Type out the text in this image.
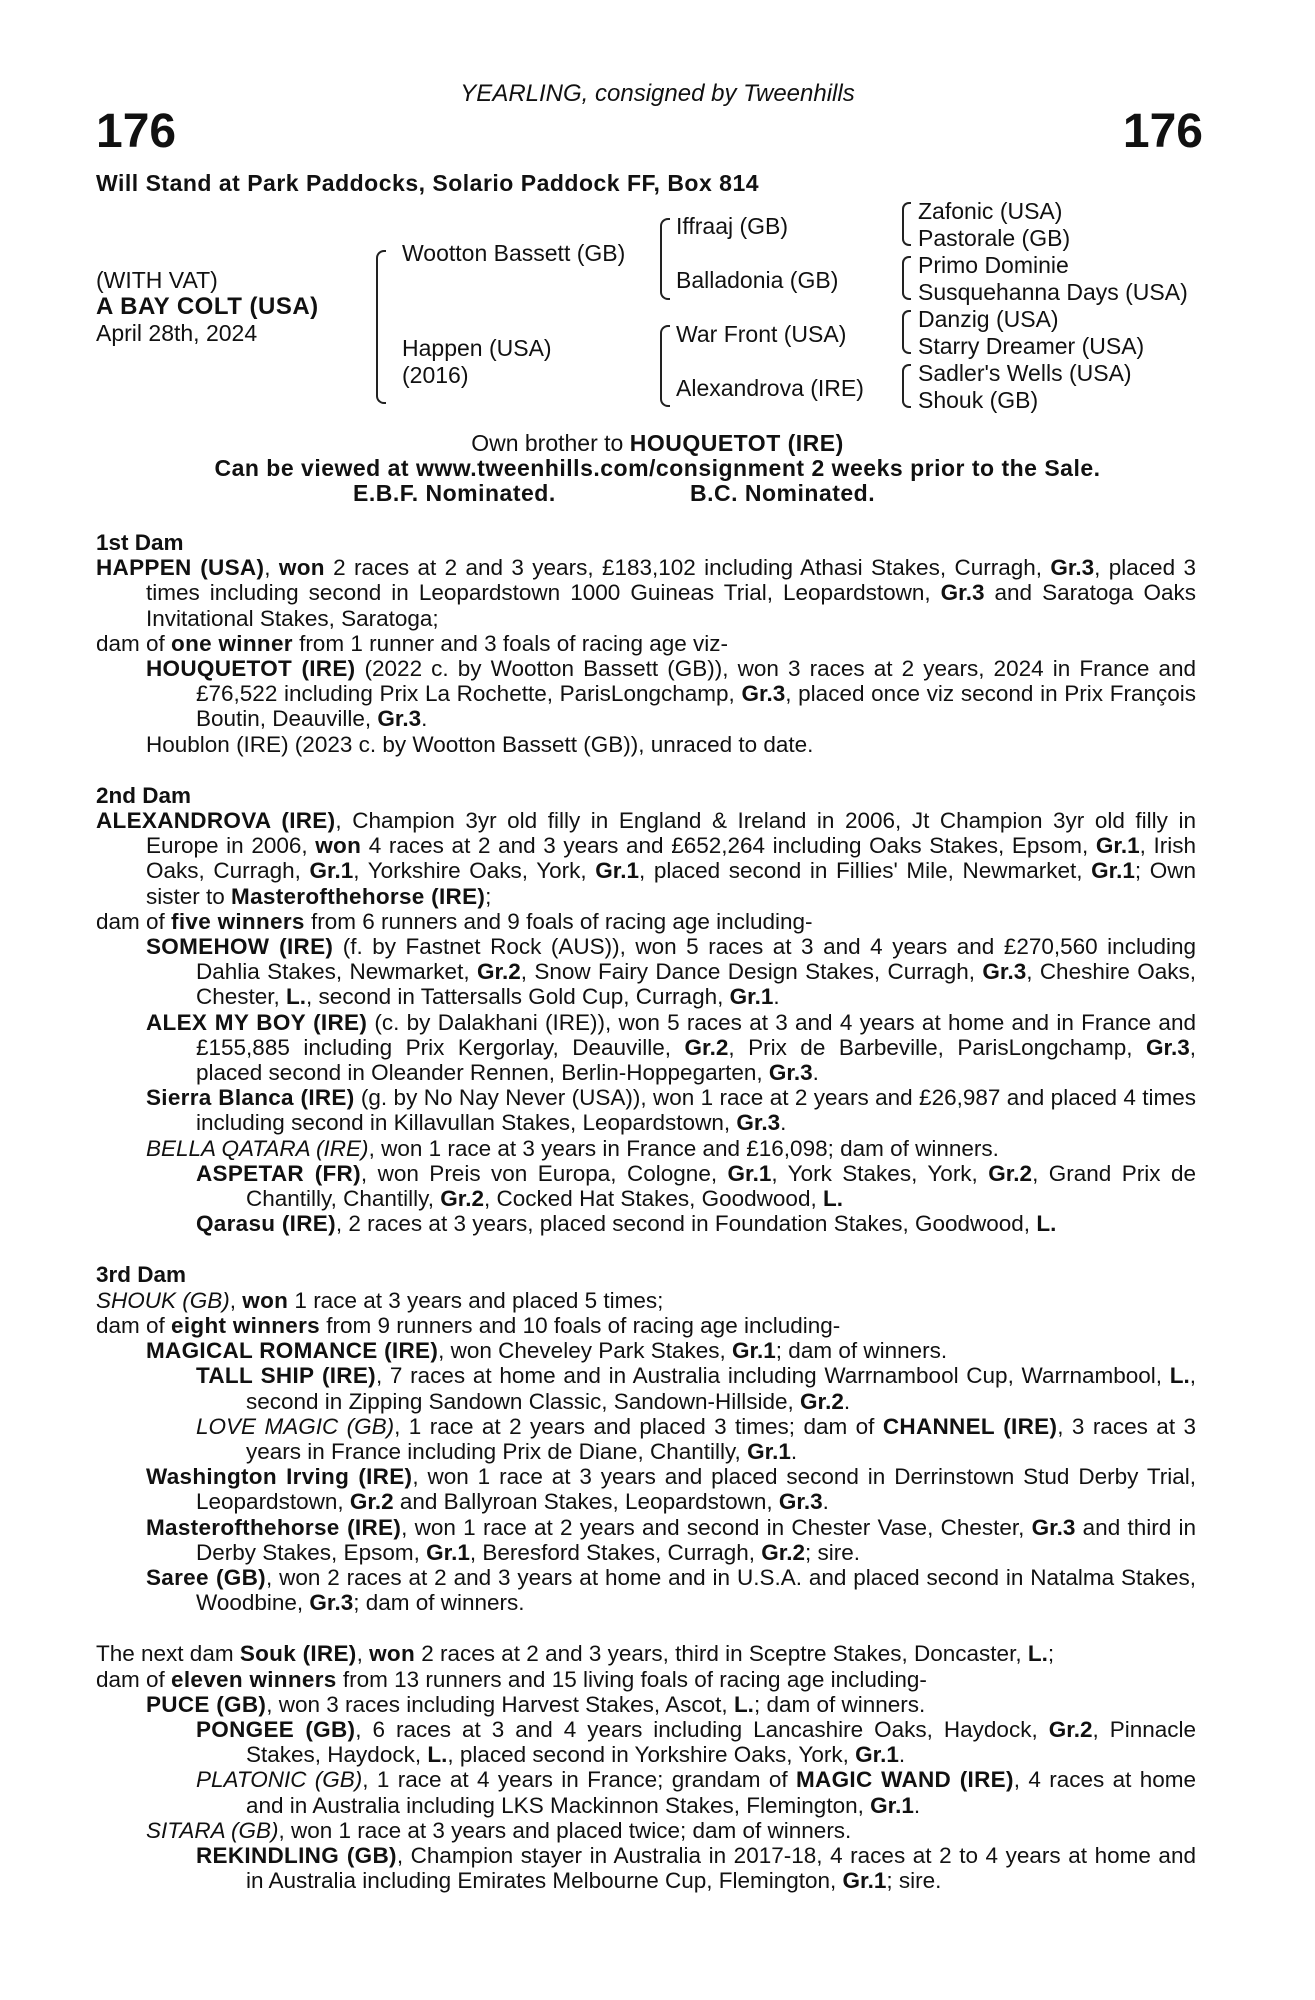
YEARLING, consigned by Tweenhills
176	176
Will Stand at Park Paddocks, Solario Paddock FF, Box 814
(WITH VAT)
A BAY COLT (USA)
April 28th, 2024
Wootton Bassett (GB)
Happen (USA)
(2016)
Iffraaj (GB)
Balladonia (GB)
War Front (USA)
Alexandrova (IRE)
Zafonic (USA)
Pastorale (GB)
Primo Dominie
Susquehanna Days (USA)
Danzig (USA)
Starry Dreamer (USA)
Sadler's Wells (USA)
Shouk (GB)
Own brother to HOUQUETOT (IRE)
Can be viewed at www.tweenhills.com/consignment 2 weeks prior to the Sale.
E.B.F. Nominated.	B.C. Nominated.

1st Dam

HAPPEN (USA), won 2 races at 2 and 3 years, £183,102 including Athasi Stakes, Curragh, Gr.3, placed 3 times including second in Leopardstown 1000 Guineas Trial, Leopardstown, Gr.3 and Saratoga Oaks Invitational Stakes, Saratoga;

dam of one winner from 1 runner and 3 foals of racing age viz-

HOUQUETOT (IRE) (2022 c. by Wootton Bassett (GB)), won 3 races at 2 years, 2024 in France and £76,522 including Prix La Rochette, ParisLongchamp, Gr.3, placed once viz second in Prix François Boutin, Deauville, Gr.3.

Houblon (IRE) (2023 c. by Wootton Bassett (GB)), unraced to date.

2nd Dam

ALEXANDROVA (IRE), Champion 3yr old filly in England & Ireland in 2006, Jt Champion 3yr old filly in Europe in 2006, won 4 races at 2 and 3 years and £652,264 including Oaks Stakes, Epsom, Gr.1, Irish Oaks, Curragh, Gr.1, Yorkshire Oaks, York, Gr.1, placed second in Fillies' Mile, Newmarket, Gr.1; Own sister to Masterofthehorse (IRE);

dam of five winners from 6 runners and 9 foals of racing age including-

SOMEHOW (IRE) (f. by Fastnet Rock (AUS)), won 5 races at 3 and 4 years and £270,560 including Dahlia Stakes, Newmarket, Gr.2, Snow Fairy Dance Design Stakes, Curragh, Gr.3, Cheshire Oaks, Chester, L., second in Tattersalls Gold Cup, Curragh, Gr.1.

ALEX MY BOY (IRE) (c. by Dalakhani (IRE)), won 5 races at 3 and 4 years at home and in France and £155,885 including Prix Kergorlay, Deauville, Gr.2, Prix de Barbeville, ParisLongchamp, Gr.3, placed second in Oleander Rennen, Berlin-Hoppegarten, Gr.3.

Sierra Blanca (IRE) (g. by No Nay Never (USA)), won 1 race at 2 years and £26,987 and placed 4 times including second in Killavullan Stakes, Leopardstown, Gr.3.

BELLA QATARA (IRE), won 1 race at 3 years in France and £16,098; dam of winners.

ASPETAR (FR), won Preis von Europa, Cologne, Gr.1, York Stakes, York, Gr.2, Grand Prix de Chantilly, Chantilly, Gr.2, Cocked Hat Stakes, Goodwood, L.

Qarasu (IRE), 2 races at 3 years, placed second in Foundation Stakes, Goodwood, L.

3rd Dam

SHOUK (GB), won 1 race at 3 years and placed 5 times;

dam of eight winners from 9 runners and 10 foals of racing age including-

MAGICAL ROMANCE (IRE), won Cheveley Park Stakes, Gr.1; dam of winners.

TALL SHIP (IRE), 7 races at home and in Australia including Warrnambool Cup, Warrnambool, L., second in Zipping Sandown Classic, Sandown-Hillside, Gr.2.

LOVE MAGIC (GB), 1 race at 2 years and placed 3 times; dam of CHANNEL (IRE), 3 races at 3 years in France including Prix de Diane, Chantilly, Gr.1.

Washington Irving (IRE), won 1 race at 3 years and placed second in Derrinstown Stud Derby Trial, Leopardstown, Gr.2 and Ballyroan Stakes, Leopardstown, Gr.3.

Masterofthehorse (IRE), won 1 race at 2 years and second in Chester Vase, Chester, Gr.3 and third in Derby Stakes, Epsom, Gr.1, Beresford Stakes, Curragh, Gr.2; sire.

Saree (GB), won 2 races at 2 and 3 years at home and in U.S.A. and placed second in Natalma Stakes, Woodbine, Gr.3; dam of winners.

The next dam Souk (IRE), won 2 races at 2 and 3 years, third in Sceptre Stakes, Doncaster, L.;

dam of eleven winners from 13 runners and 15 living foals of racing age including-

PUCE (GB), won 3 races including Harvest Stakes, Ascot, L.; dam of winners.

PONGEE (GB), 6 races at 3 and 4 years including Lancashire Oaks, Haydock, Gr.2, Pinnacle Stakes, Haydock, L., placed second in Yorkshire Oaks, York, Gr.1.

PLATONIC (GB), 1 race at 4 years in France; grandam of MAGIC WAND (IRE), 4 races at home and in Australia including LKS Mackinnon Stakes, Flemington, Gr.1.

SITARA (GB), won 1 race at 3 years and placed twice; dam of winners.

REKINDLING (GB), Champion stayer in Australia in 2017-18, 4 races at 2 to 4 years at home and in Australia including Emirates Melbourne Cup, Flemington, Gr.1; sire.
